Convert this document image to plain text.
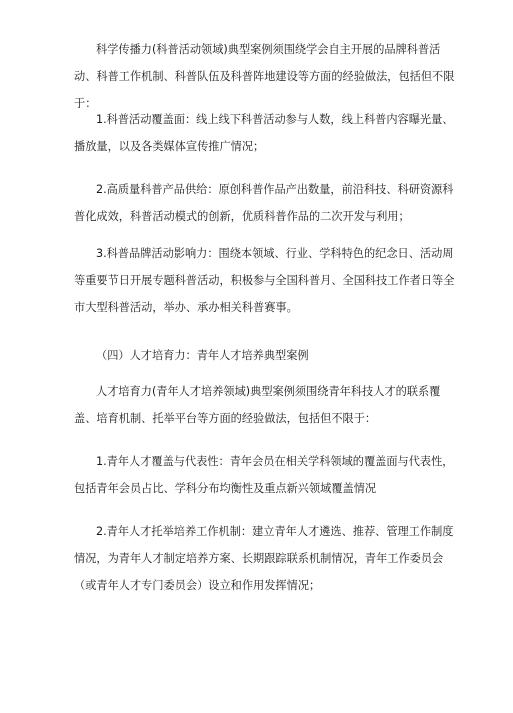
科学传播力(科普活动领域)典型案例须围绕学会自主开展的品牌科普活动、科普工作机制、科普队伍及科普阵地建设等方面的经验做法，包括但不限于：

1.科普活动覆盖面：线上线下科普活动参与人数，线上科普内容曝光量、播放量，以及各类媒体宣传推广情况；

2.高质量科普产品供给：原创科普作品产出数量，前沿科技、科研资源科普化成效，科普活动模式的创新，优质科普作品的二次开发与利用；

3.科普品牌活动影响力：围绕本领域、行业、学科特色的纪念日、活动周等重要节日开展专题科普活动，积极参与全国科普月、全国科技工作者日等全市大型科普活动，举办、承办相关科普赛事。

（四）人才培育力：青年人才培养典型案例

人才培育力(青年人才培养领域)典型案例须围绕青年科技人才的联系覆盖、培育机制、托举平台等方面的经验做法，包括但不限于：

1.青年人才覆盖与代表性：青年会员在相关学科领域的覆盖面与代表性，包括青年会员占比、学科分布均衡性及重点新兴领域覆盖情况

2.青年人才托举培养工作机制：建立青年人才遴选、推荐、管理工作制度情况，为青年人才制定培养方案、长期跟踪联系机制情况，青年工作委员会（或青年人才专门委员会）设立和作用发挥情况；
